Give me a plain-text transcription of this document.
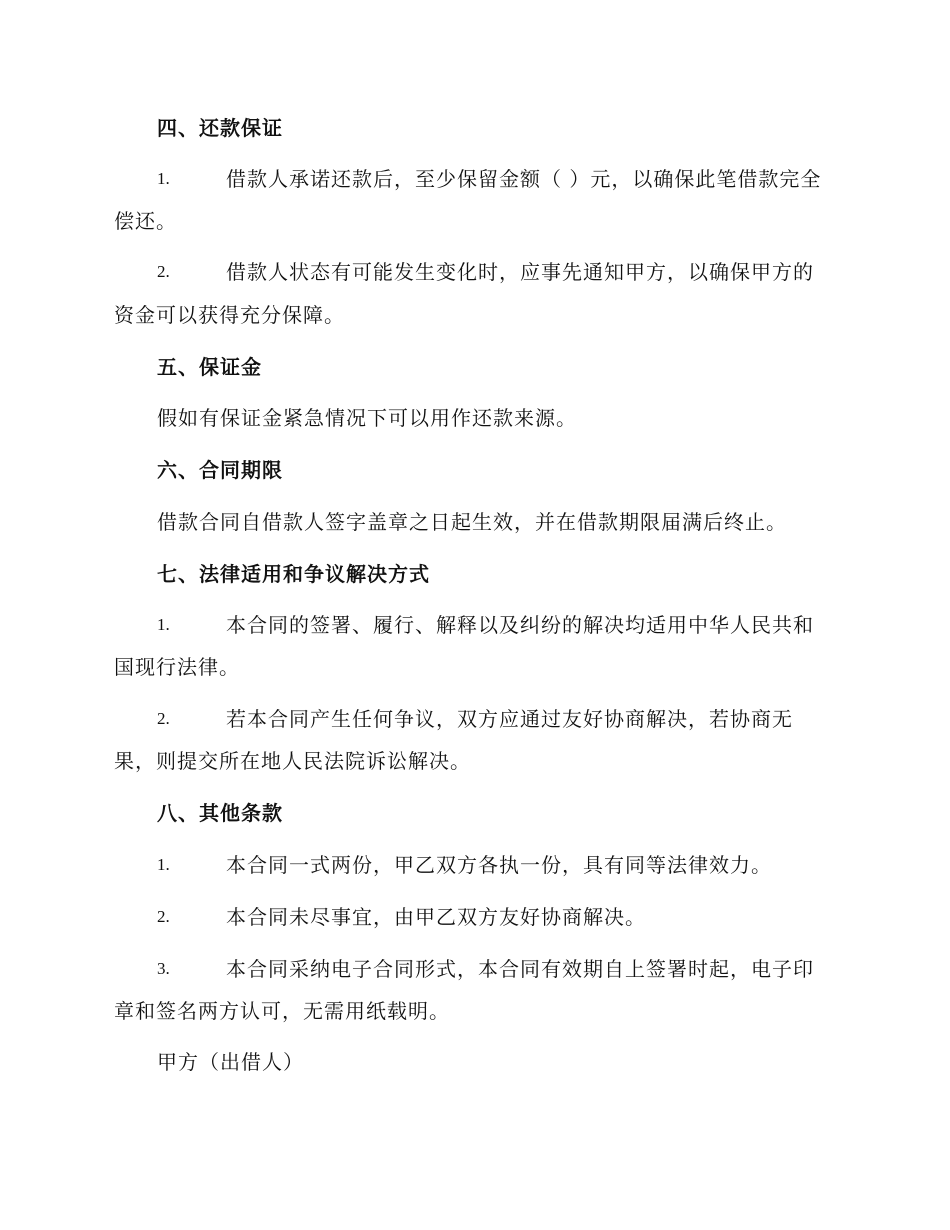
四、还款保证
1.	借款人承诺还款后，至少保留金额（ ）元，以确保此笔借款完全
偿还。
2.	借款人状态有可能发生变化时，应事先通知甲方，以确保甲方的
资金可以获得充分保障。
五、保证金
假如有保证金紧急情况下可以用作还款来源。
六、合同期限
借款合同自借款人签字盖章之日起生效，并在借款期限届满后终止。
七、法律适用和争议解决方式
1.	本合同的签署、履行、解释以及纠纷的解决均适用中华人民共和
国现行法律。
2.	若本合同产生任何争议，双方应通过友好协商解决，若协商无
果，则提交所在地人民法院诉讼解决。
八、其他条款
1.	本合同一式两份，甲乙双方各执一份，具有同等法律效力。
2.	本合同未尽事宜，由甲乙双方友好协商解决。
3.	本合同采纳电子合同形式，本合同有效期自上签署时起，电子印
章和签名两方认可，无需用纸载明。
甲方（出借人）
